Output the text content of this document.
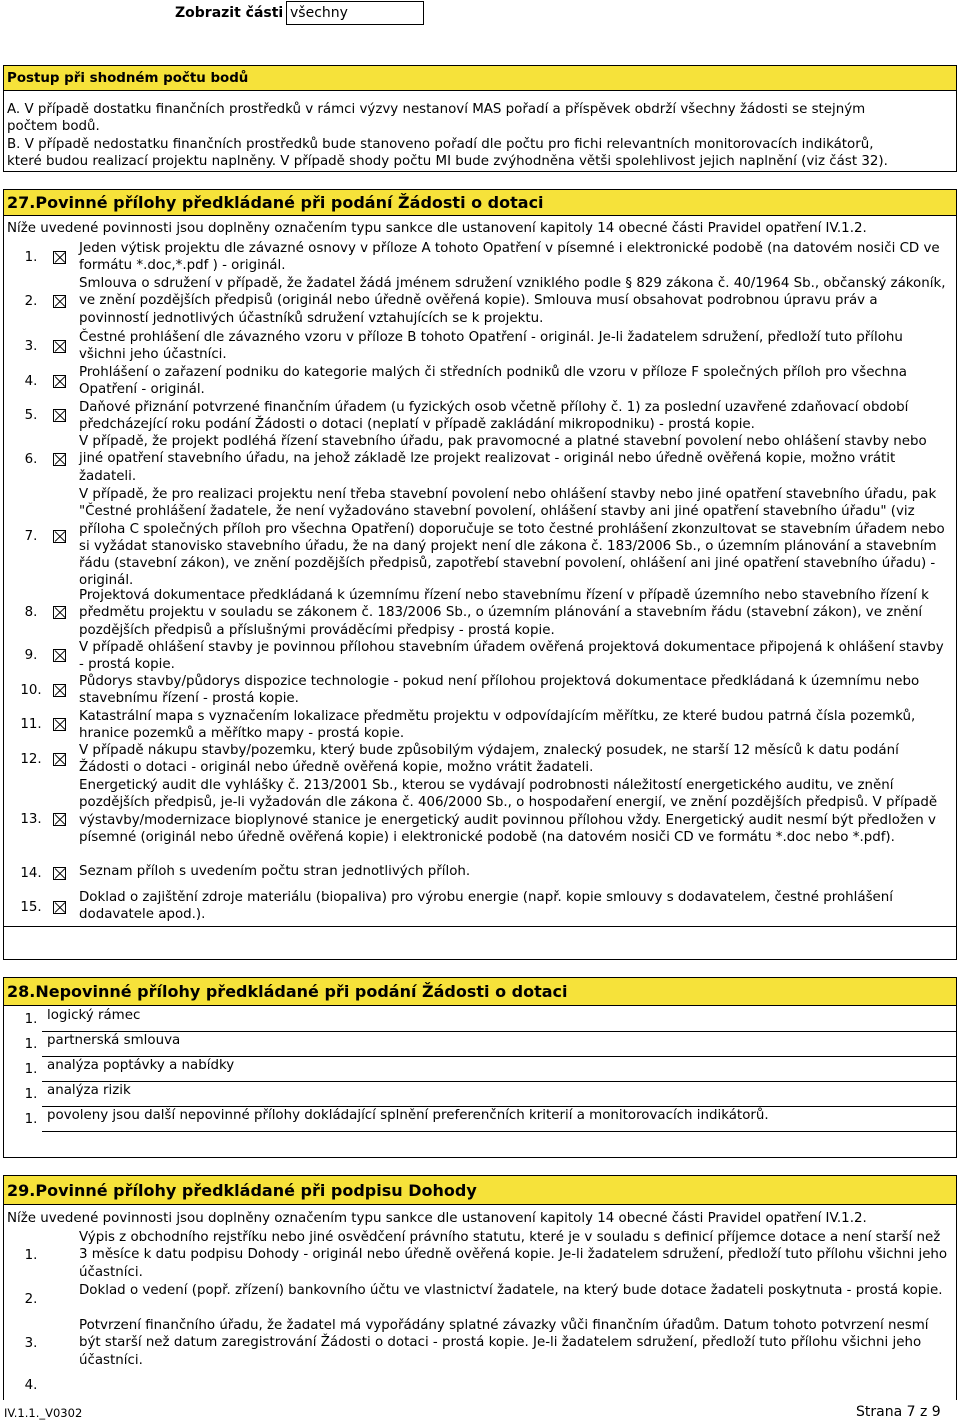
Zobrazit části všechny
Postup při shodném počtu bodů
A. V případě dostatku finančních prostředků v rámci výzvy nestanoví MAS pořadí a příspěvek obdrží všechny žádosti se stejným
počtem bodů.
B. V případě nedostatku finančních prostředků bude stanoveno pořadí dle počtu pro fichi relevantních monitorovacích indikátorů,
které budou realizací projektu naplněny. V případě shody počtu MI bude zvýhodněna větši spolehlivost jejich naplnění (viz část 32).
27.Povinné přílohy předkládané při podání Žádosti o dotaci
Níže uvedené povinnosti jsou doplněny označením typu sankce dle ustanovení kapitoly 14 obecné části Pravidel opatření IV.1.2.
1.
Jeden výtisk projektu dle závazné osnovy v příloze A tohoto Opatření v písemné i elektronické podobě (na datovém nosiči CD ve formátu *.doc,*.pdf ) - originál.
2.
Smlouva o sdružení v případě, že žadatel žádá jménem sdružení vzniklého podle § 829 zákona č. 40/1964 Sb., občanský zákoník, ve znění pozdějších předpisů (originál nebo úředně ověřená kopie). Smlouva musí obsahovat podrobnou úpravu práv a povinností jednotlivých účastníků sdružení vztahujících se k projektu.
3.
Čestné prohlášení dle závazného vzoru v příloze B tohoto Opatření - originál. Je-li žadatelem sdružení, předloží tuto přílohu všichni jeho účastníci.
4.
Prohlášení o zařazení podniku do kategorie malých či středních podniků dle vzoru v příloze F společných příloh pro všechna Opatření - originál.
5.
Daňové přiznání potvrzené finančním úřadem (u fyzických osob včetně přílohy č. 1) za poslední uzavřené zdaňovací období předcházející roku podání Žádosti o dotaci (neplatí v případě zakládání mikropodniku) - prostá kopie.
6.
V případě, že projekt podléhá řízení stavebního úřadu, pak pravomocné a platné stavební povolení nebo ohlášení stavby nebo jiné opatření stavebního úřadu, na jehož základě lze projekt realizovat - originál nebo úředně ověřená kopie, možno vrátit žadateli.
7.
V případě, že pro realizaci projektu není třeba stavební povolení nebo ohlášení stavby nebo jiné opatření stavebního úřadu, pak "Čestné prohlášení žadatele, že není vyžadováno stavební povolení, ohlášení stavby ani jiné opatření stavebního úřadu" (viz příloha C společných příloh pro všechna Opatření) doporučuje se toto čestné prohlášení zkonzultovat se stavebním úřadem nebo si vyžádat stanovisko stavebního úřadu, že na daný projekt není dle zákona č. 183/2006 Sb., o územním plánování a stavebním řádu (stavební zákon), ve znění pozdějších předpisů, zapotřebí stavební povolení, ohlášení ani jiné opatření stavebního úřadu) - originál.
8.
Projektová dokumentace předkládaná k územnímu řízení nebo stavebnímu řízení v případě územního nebo stavebního řízení k předmětu projektu v souladu se zákonem č. 183/2006 Sb., o územním plánování a stavebním řádu (stavební zákon), ve znění pozdějších předpisů a příslušnými prováděcími předpisy - prostá kopie.
9.
V případě ohlášení stavby je povinnou přílohou stavebním úřadem ověřená projektová dokumentace připojená k ohlášení stavby - prostá kopie.
10.
Půdorys stavby/půdorys dispozice technologie - pokud není přílohou projektová dokumentace předkládaná k územnímu nebo stavebnímu řízení - prostá kopie.
11.
Katastrální mapa s vyznačením lokalizace předmětu projektu v odpovídajícím měřítku, ze které budou patrná čísla pozemků, hranice pozemků a měřítko mapy - prostá kopie.
12.
V případě nákupu stavby/pozemku, který bude způsobilým výdajem, znalecký posudek, ne starší 12 měsíců k datu podání Žádosti o dotaci - originál nebo úředně ověřená kopie, možno vrátit žadateli.
13.
Energetický audit dle vyhlášky č. 213/2001 Sb., kterou se vydávají podrobnosti náležitostí energetického auditu, ve znění pozdějších předpisů, je-li vyžadován dle zákona č. 406/2000 Sb., o hospodaření energií, ve znění pozdějších předpisů. V případě výstavby/modernizace bioplynové stanice je energetický audit povinnou přílohou vždy. Energetický audit nesmí být předložen v písemné (originál nebo úředně ověřená kopie) i elektronické podobě (na datovém nosiči CD ve formátu *.doc nebo *.pdf).
14.	Seznam příloh s uvedením počtu stran jednotlivých příloh.
15.
Doklad o zajištění zdroje materiálu (biopaliva) pro výrobu energie (např. kopie smlouvy s dodavatelem, čestné prohlášení dodavatele apod.).
28.Nepovinné přílohy předkládané při podání Žádosti o dotaci
1. logický rámec
1. partnerská smlouva
1. analýza poptávky a nabídky
1. analýza rizik
1. povoleny jsou další nepovinné přílohy dokládající splnění preferenčních kriterií a monitorovacích indikátorů.
29.Povinné přílohy předkládané při podpisu Dohody
Níže uvedené povinnosti jsou doplněny označením typu sankce dle ustanovení kapitoly 14 obecné části Pravidel opatření IV.1.2.
1.
Výpis z obchodního rejstříku nebo jiné osvědčení právního statutu, které je v souladu s definicí příjemce dotace a není starší než 3 měsíce k datu podpisu Dohody - originál nebo úředně ověřená kopie. Je-li žadatelem sdružení, předloží tuto přílohu všichni jeho účastníci.
2.
Doklad o vedení (popř. zřízení) bankovního účtu ve vlastnictví žadatele, na který bude dotace žadateli poskytnuta - prostá kopie.
3.
Potvrzení finančního úřadu, že žadatel má vypořádány splatné závazky vůči finančním úřadům. Datum tohoto potvrzení nesmí být starší než datum zaregistrování Žádosti o dotaci - prostá kopie. Je-li žadatelem sdružení, předloží tuto přílohu všichni jeho účastníci.
4.
IV.1.1._V0302	Strana 7 z 9
